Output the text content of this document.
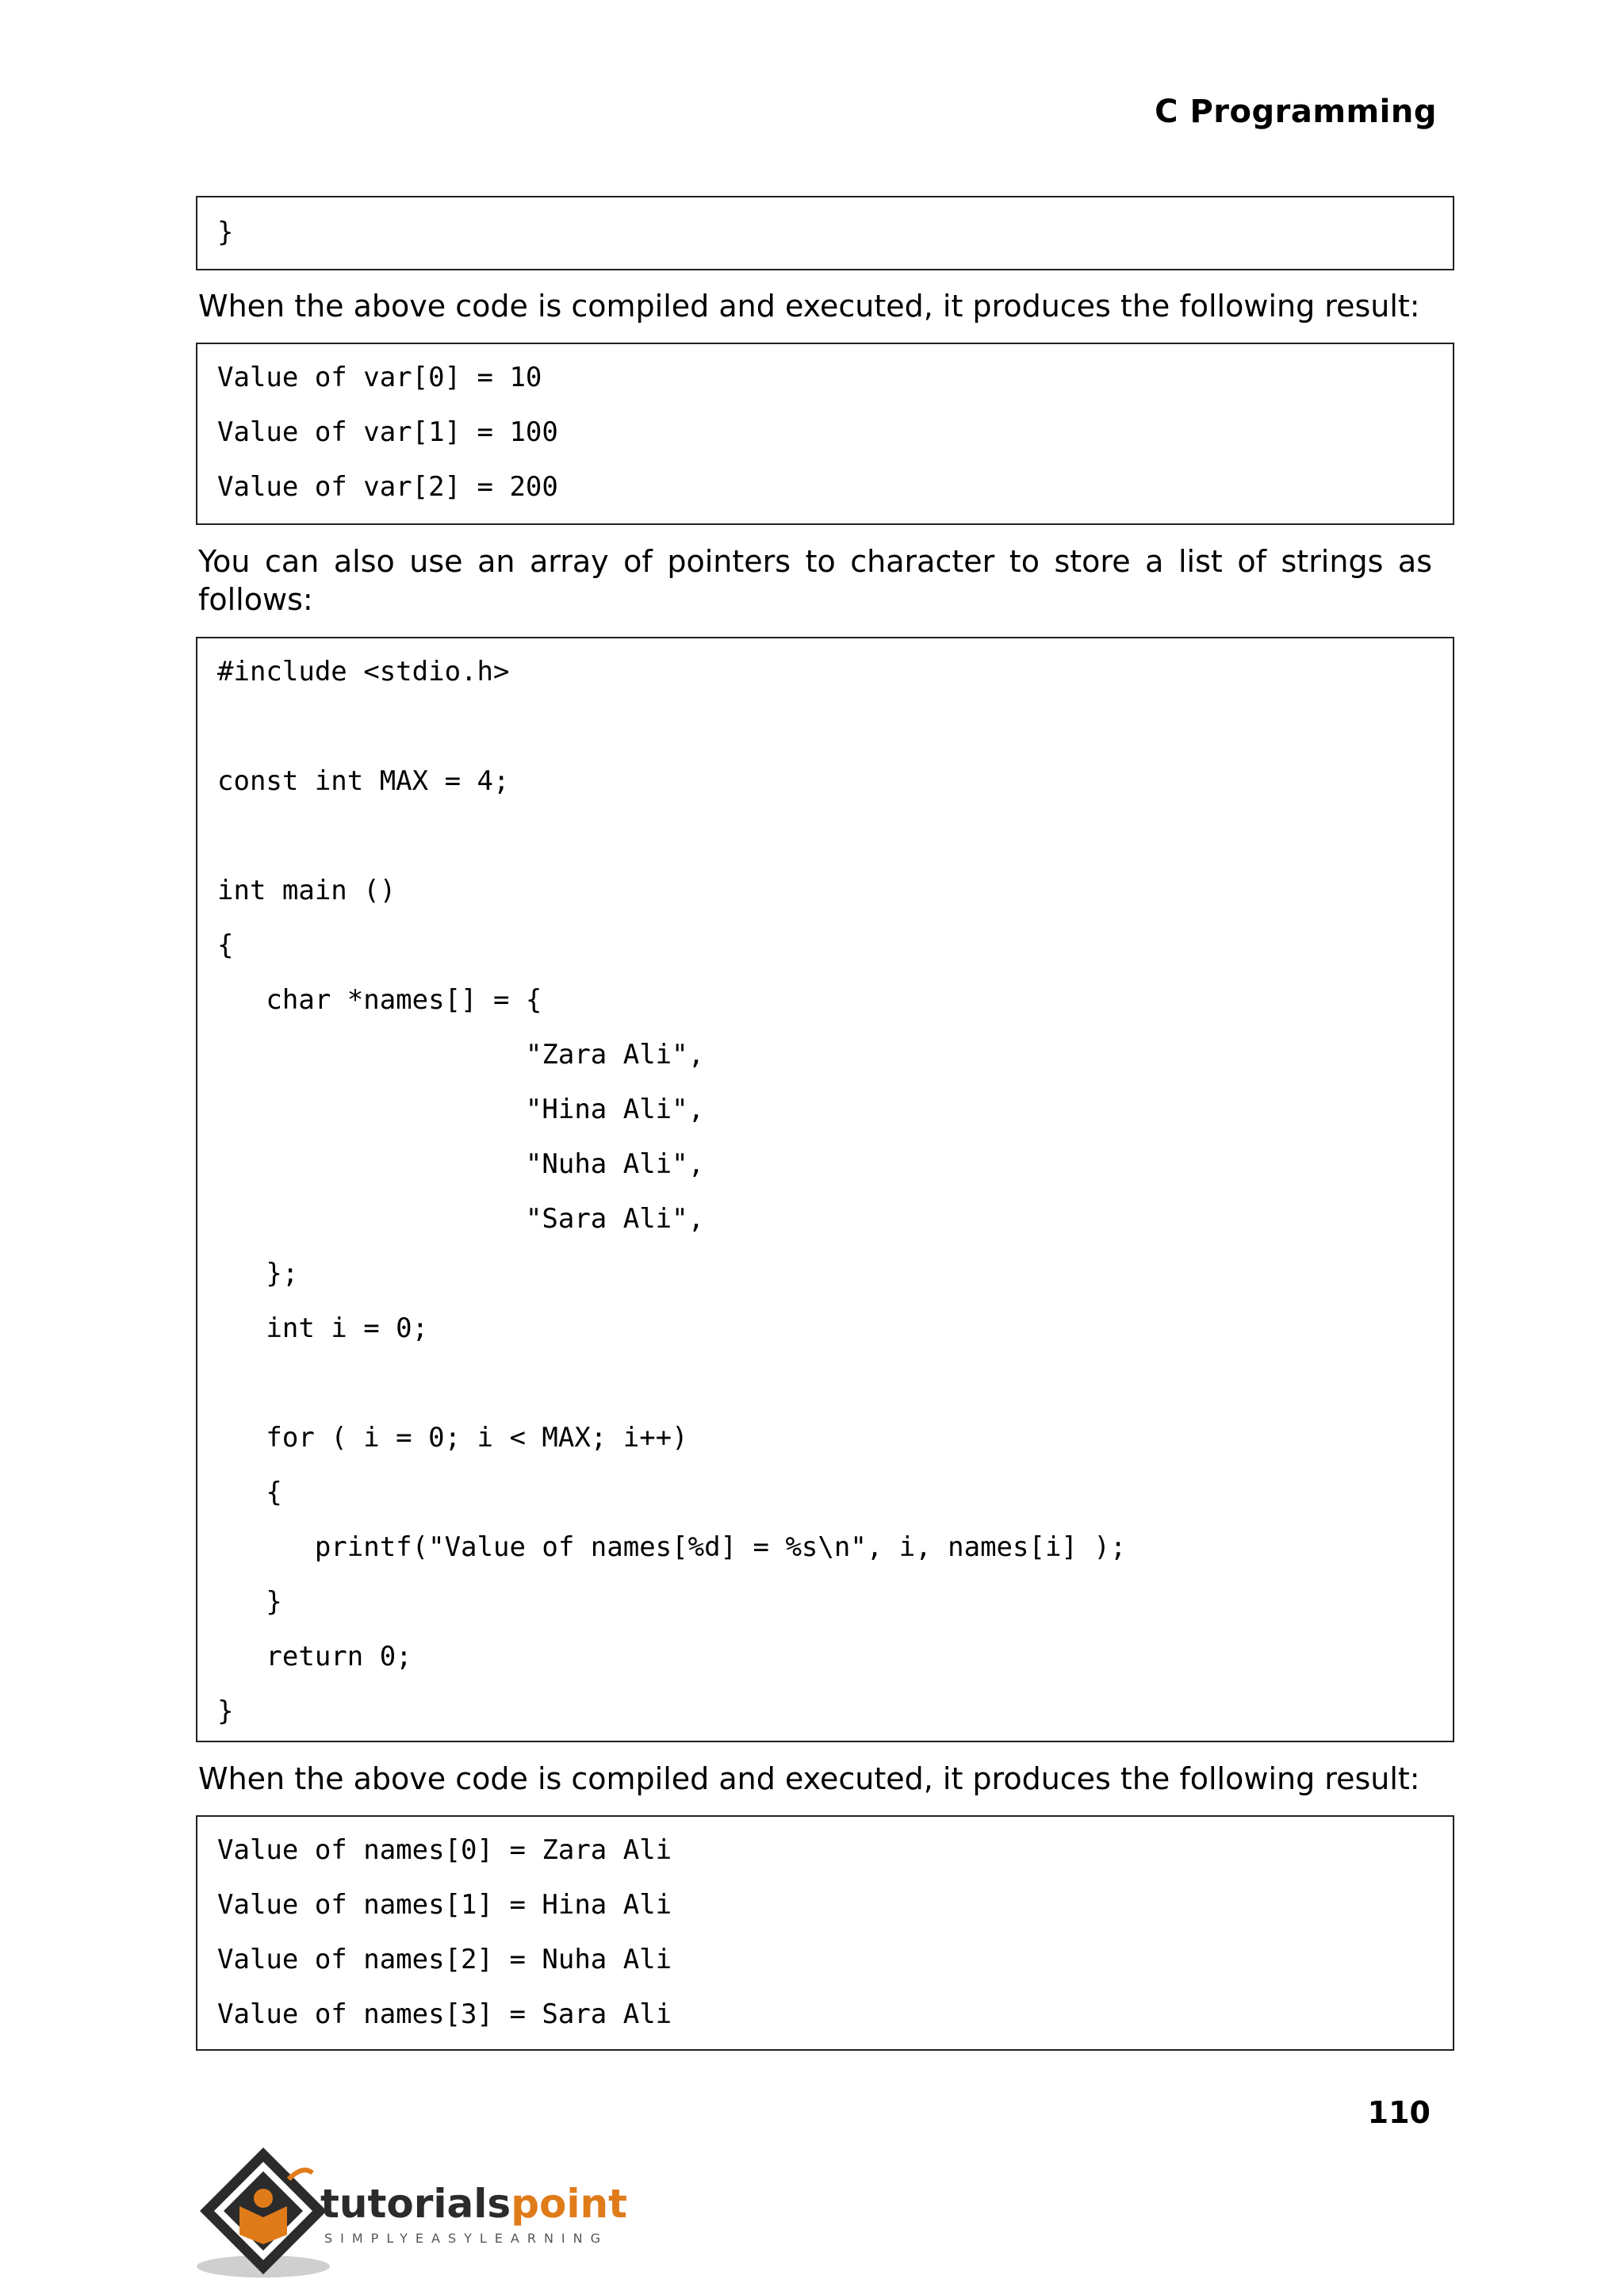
C Programming
}
When the above code is compiled and executed, it produces the following result:
Value of var[0] = 10
Value of var[1] = 100
Value of var[2] = 200
You can also use an array of pointers to character to store a list of strings as follows:
#include <stdio.h>
const int MAX = 4;
int main ()
{
char *names[] = {
"Zara Ali",
"Hina Ali",
"Nuha Ali",
"Sara Ali",
};
int i = 0;
for ( i = 0; i < MAX; i++)
{
printf("Value of names[%d] = %s\n", i, names[i] );
}
return 0;
}
When the above code is compiled and executed, it produces the following result:
Value of names[0] = Zara Ali
Value of names[1] = Hina Ali
Value of names[2] = Nuha Ali
Value of names[3] = Sara Ali
110
tutorialspoint
SIMPLYEASYLEARNING
